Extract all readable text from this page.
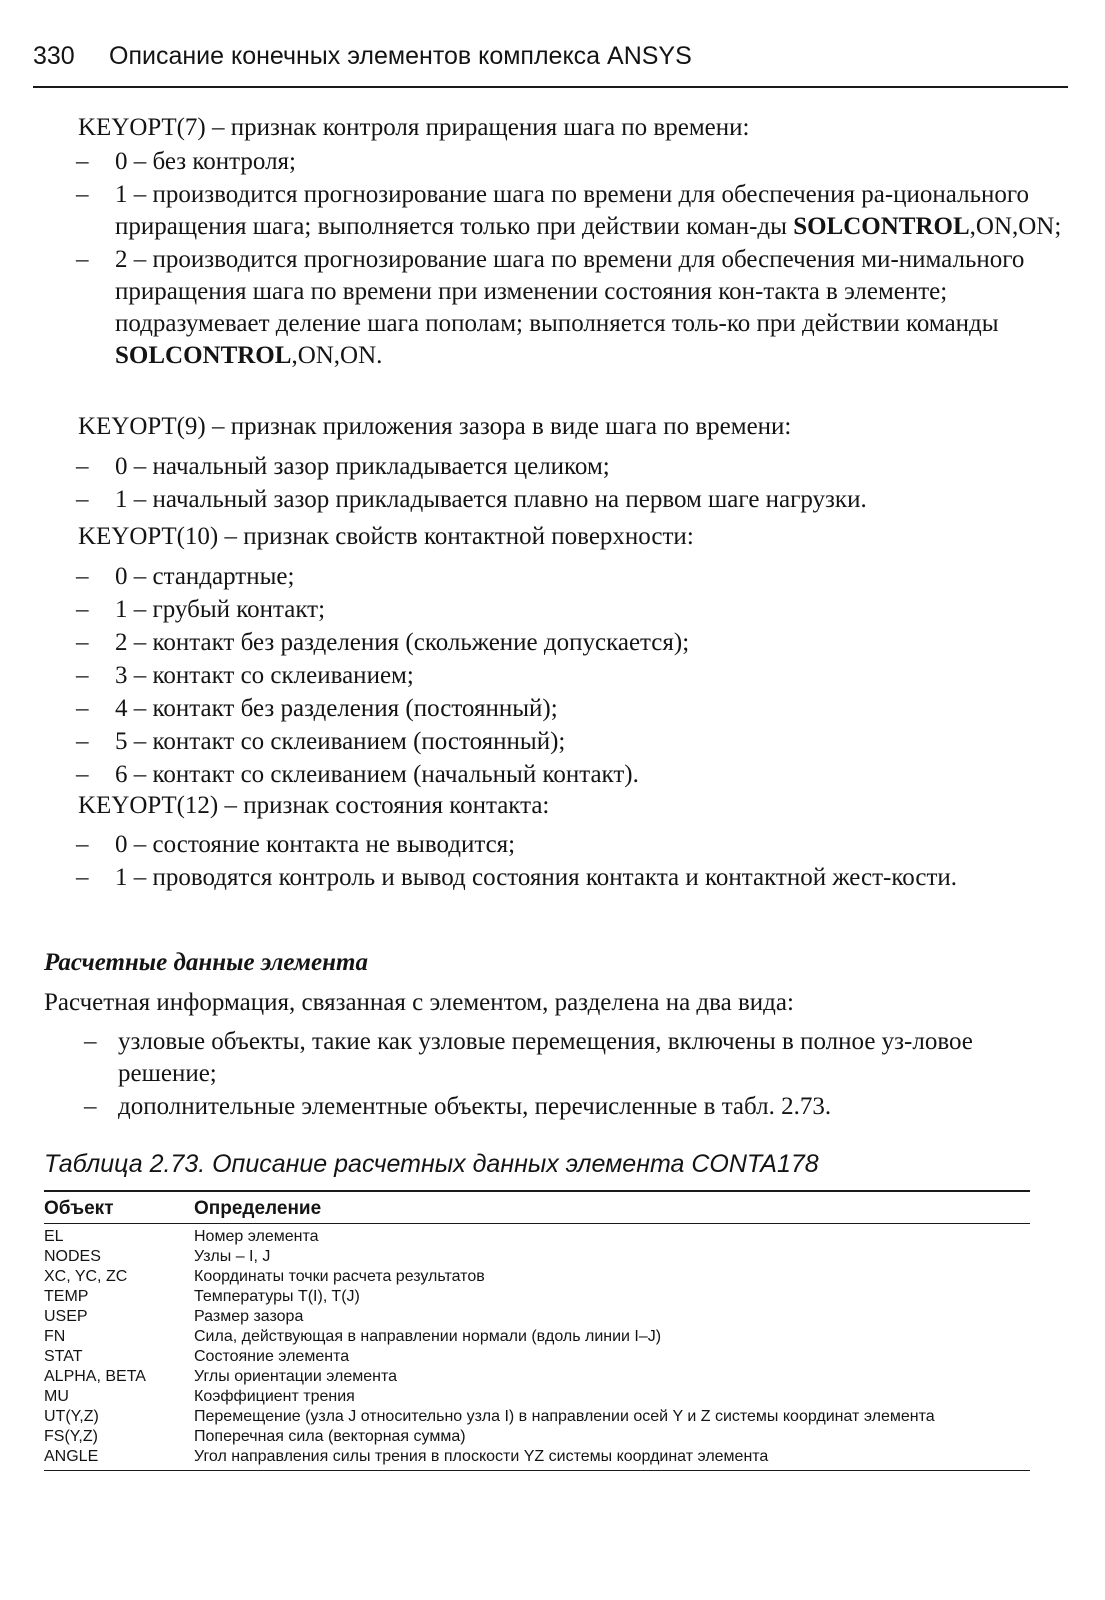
330 Описание конечных элементов комплекса ANSYS

KEYOPT(7) – признак контроля приращения шага по времени:

– 0 – без контроля;
– 1 – производится прогнозирование шага по времени для обеспечения ра-ционального приращения шага; выполняется только при действии коман-ды SOLCONTROL,ON,ON;
– 2 – производится прогнозирование шага по времени для обеспечения ми-нимального приращения шага по времени при изменении состояния кон-такта в элементе; подразумевает деление шага пополам; выполняется толь-ко при действии команды SOLCONTROL,ON,ON.

KEYOPT(9) – признак приложения зазора в виде шага по времени:

– 0 – начальный зазор прикладывается целиком;
– 1 – начальный зазор прикладывается плавно на первом шаге нагрузки.

KEYOPT(10) – признак свойств контактной поверхности:

– 0 – стандартные;
– 1 – грубый контакт;
– 2 – контакт без разделения (скольжение допускается);
– 3 – контакт со склеиванием;
– 4 – контакт без разделения (постоянный);
– 5 – контакт со склеиванием (постоянный);
– 6 – контакт со склеиванием (начальный контакт).

KEYOPT(12) – признак состояния контакта:

– 0 – состояние контакта не выводится;
– 1 – проводятся контроль и вывод состояния контакта и контактной жест-кости.
Расчетные данные элемента

Расчетная информация, связанная с элементом, разделена на два вида:

– узловые объекты, такие как узловые перемещения, включены в полное уз-ловое решение;
– дополнительные элементные объекты, перечисленные в табл. 2.73.

Таблица 2.73. Описание расчетных данных элемента CONTA178

Объект	Определение
EL	Номер элемента
NODES	Узлы – I, J
XC, YC, ZC	Координаты точки расчета результатов
TEMP	Температуры T(I), T(J)
USEP	Размер зазора
FN	Сила, действующая в направлении нормали (вдоль линии I–J)
STAT	Состояние элемента
ALPHA, BETA	Углы ориентации элемента
MU	Коэффициент трения
UT(Y,Z)	Перемещение (узла J относительно узла I) в направлении осей Y и Z системы координат элемента
FS(Y,Z)	Поперечная сила (векторная сумма)
ANGLE	Угол направления силы трения в плоскости YZ системы координат элемента
